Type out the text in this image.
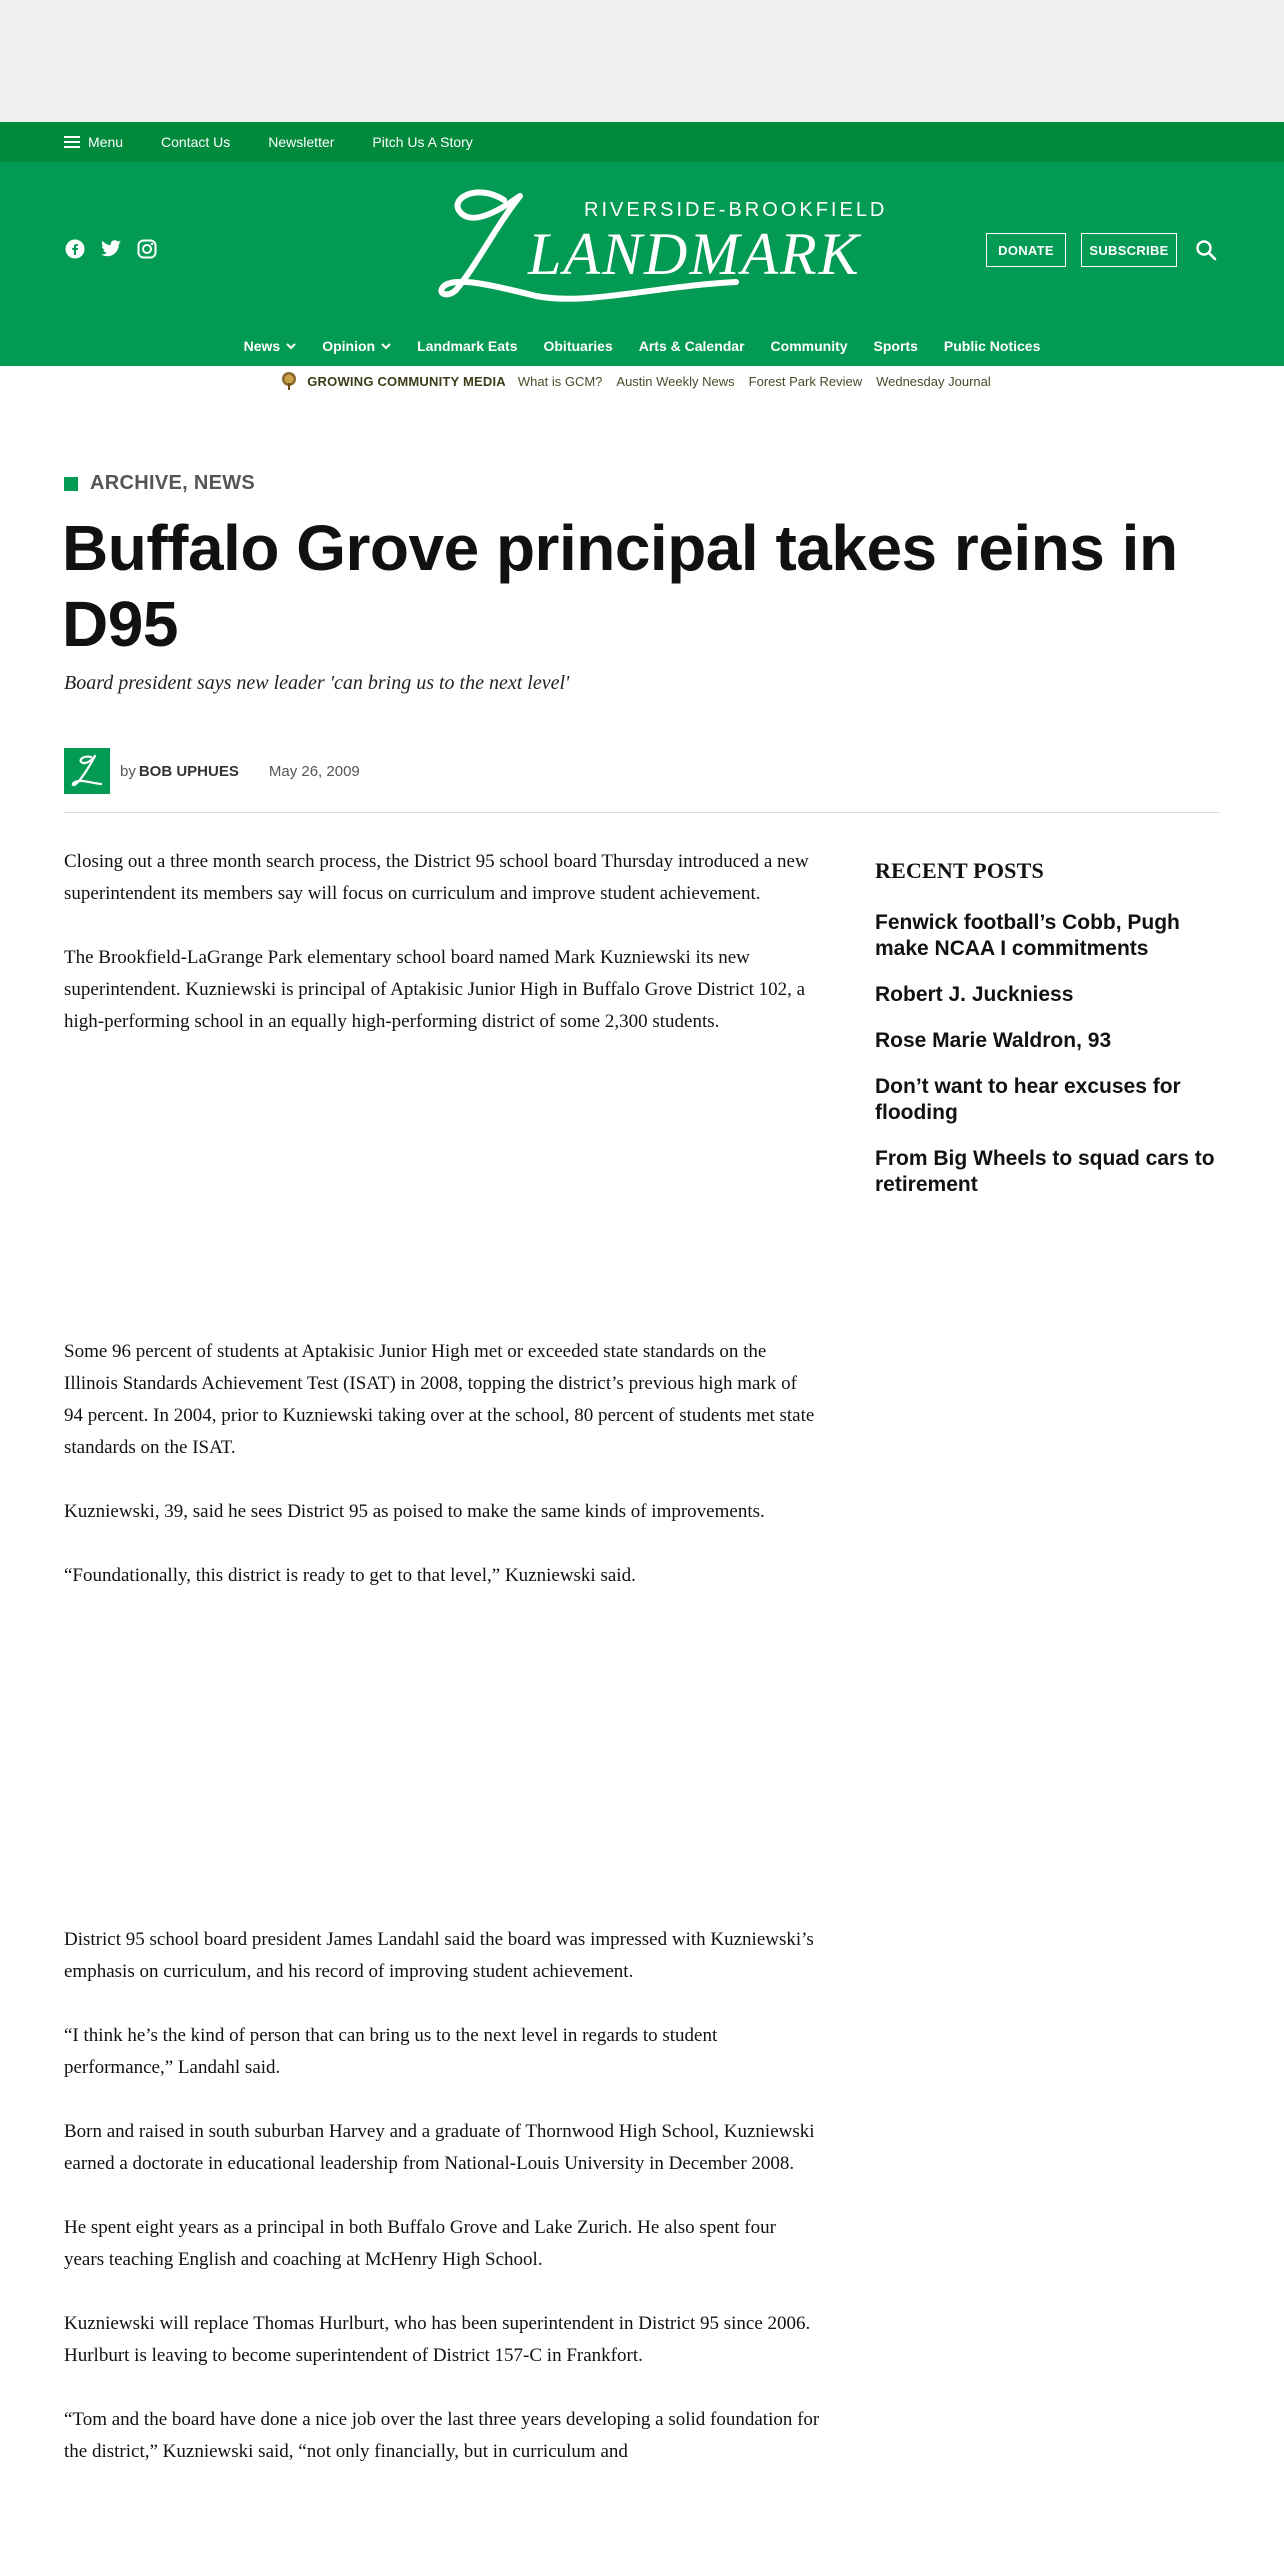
Menu	Contact Us	Newsletter	Pitch Us A Story
RIVERSIDE-BROOKFIELD
LANDMARK	DONATE	SUBSCRIBE
News	Opinion	Landmark Eats Obituaries Arts & Calendar Community Sports Public Notices
GROWING COMMUNITY MEDIA What is GCM? Austin Weekly News Forest Park Review Wednesday Journal
ARCHIVE, NEWS
Buffalo Grove principal takes reins in D95
Board president says new leader 'can bring us to the next level'
by BOB UPHUES May 26, 2009

Closing out a three month search process, the District 95 school board Thursday introduced a new superintendent its members say will focus on curriculum and improve student achievement.

The Brookfield-LaGrange Park elementary school board named Mark Kuzniewski its new superintendent. Kuzniewski is principal of Aptakisic Junior High in Buffalo Grove District 102, a high-performing school in an equally high-performing district of some 2,300 students.

Some 96 percent of students at Aptakisic Junior High met or exceeded state standards on the Illinois Standards Achievement Test (ISAT) in 2008, topping the district’s previous high mark of 94 percent. In 2004, prior to Kuzniewski taking over at the school, 80 percent of students met state standards on the ISAT.

Kuzniewski, 39, said he sees District 95 as poised to make the same kinds of improvements.

“Foundationally, this district is ready to get to that level,” Kuzniewski said.

District 95 school board president James Landahl said the board was impressed with Kuzniewski’s emphasis on curriculum, and his record of improving student achievement.

“I think he’s the kind of person that can bring us to the next level in regards to student performance,” Landahl said.

Born and raised in south suburban Harvey and a graduate of Thornwood High School, Kuzniewski earned a doctorate in educational leadership from National-Louis University in December 2008.

He spent eight years as a principal in both Buffalo Grove and Lake Zurich. He also spent four years teaching English and coaching at McHenry High School.

Kuzniewski will replace Thomas Hurlburt, who has been superintendent in District 95 since 2006. Hurlburt is leaving to become superintendent of District 157-C in Frankfort.

“Tom and the board have done a nice job over the last three years developing a solid foundation for the district,” Kuzniewski said, “not only financially, but in curriculum and

RECENT POSTS
Fenwick football’s Cobb, Pugh make NCAA I commitments
Robert J. Juckniess
Rose Marie Waldron, 93
Don’t want to hear excuses for flooding
From Big Wheels to squad cars to retirement
